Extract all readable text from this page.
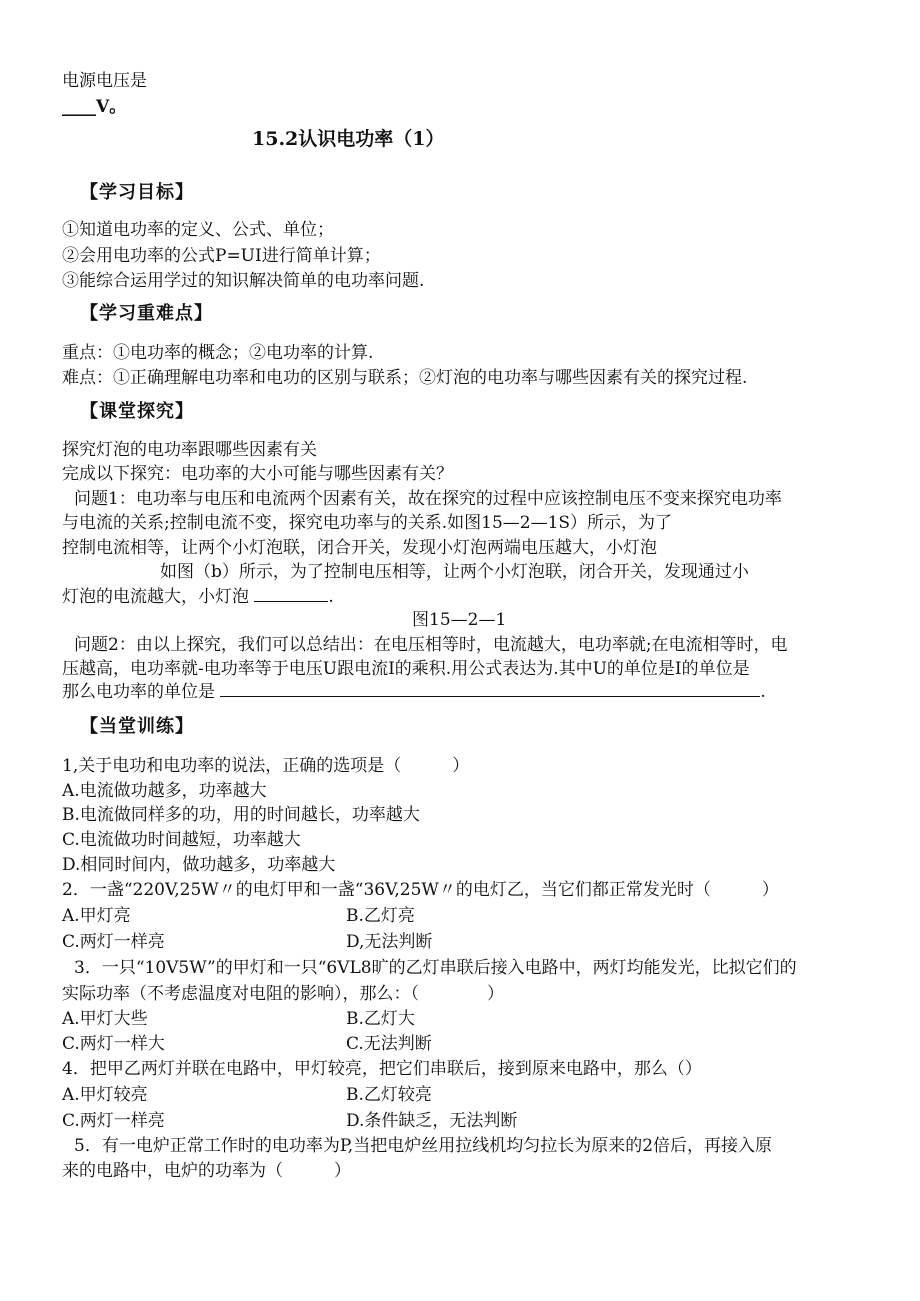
电源电压是
____V。
15.2认识电功率（1）
【学习目标】
①知道电功率的定义、公式、单位；
②会用电功率的公式P=UI进行简单计算；
③能综合运用学过的知识解决简单的电功率问题.
【学习重难点】
重点：①电功率的概念；②电功率的计算.
难点：①正确理解电功率和电功的区别与联系；②灯泡的电功率与哪些因素有关的探究过程.
【课堂探究】
探究灯泡的电功率跟哪些因素有关
完成以下探究：电功率的大小可能与哪些因素有关？
问题1：电功率与电压和电流两个因素有关，故在探究的过程中应该控制电压不变来探究电功率
与电流的关系;控制电流不变，探究电功率与的关系.如图15—2—1S）所示，为了
控制电流相等，让两个小灯泡联，闭合开关，发现小灯泡两端电压越大，小灯泡
如图（b）所示，为了控制电压相等，让两个小灯泡联，闭合开关，发现通过小
灯泡的电流越大，小灯泡	.
图15—2—1
问题2：由以上探究，我们可以总结出：在电压相等时，电流越大，电功率就;在电流相等时，电
压越高，电功率就-电功率等于电压U跟电流I的乘积.用公式表达为.其中U的单位是I的单位是
那么电功率的单位是	.
【当堂训练】
1,关于电功和电功率的说法，正确的选项是（　　　）
A.电流做功越多，功率越大
B.电流做同样多的功，用的时间越长，功率越大
C.电流做功时间越短，功率越大
D.相同时间内，做功越多，功率越大
2．一盏“220V,25W〃的电灯甲和一盏“36V,25W〃的电灯乙，当它们都正常发光时（　　　）
A.甲灯亮	B.乙灯亮
C.两灯一样亮	D,无法判断
3．一只“10V5W”的甲灯和一只“6VL8旷的乙灯串联后接入电路中，两灯均能发光，比拟它们的
实际功率（不考虑温度对电阻的影响），那么：（　　　　）
A.甲灯大些	B.乙灯大
C.两灯一样大	C.无法判断
4．把甲乙两灯并联在电路中，甲灯较亮，把它们串联后，接到原来电路中，那么（）
A.甲灯较亮	B.乙灯较亮
C.两灯一样亮	D.条件缺乏，无法判断
5．有一电炉正常工作时的电功率为P,当把电炉丝用拉线机均匀拉长为原来的2倍后，再接入原
来的电路中，电炉的功率为（　　　）
